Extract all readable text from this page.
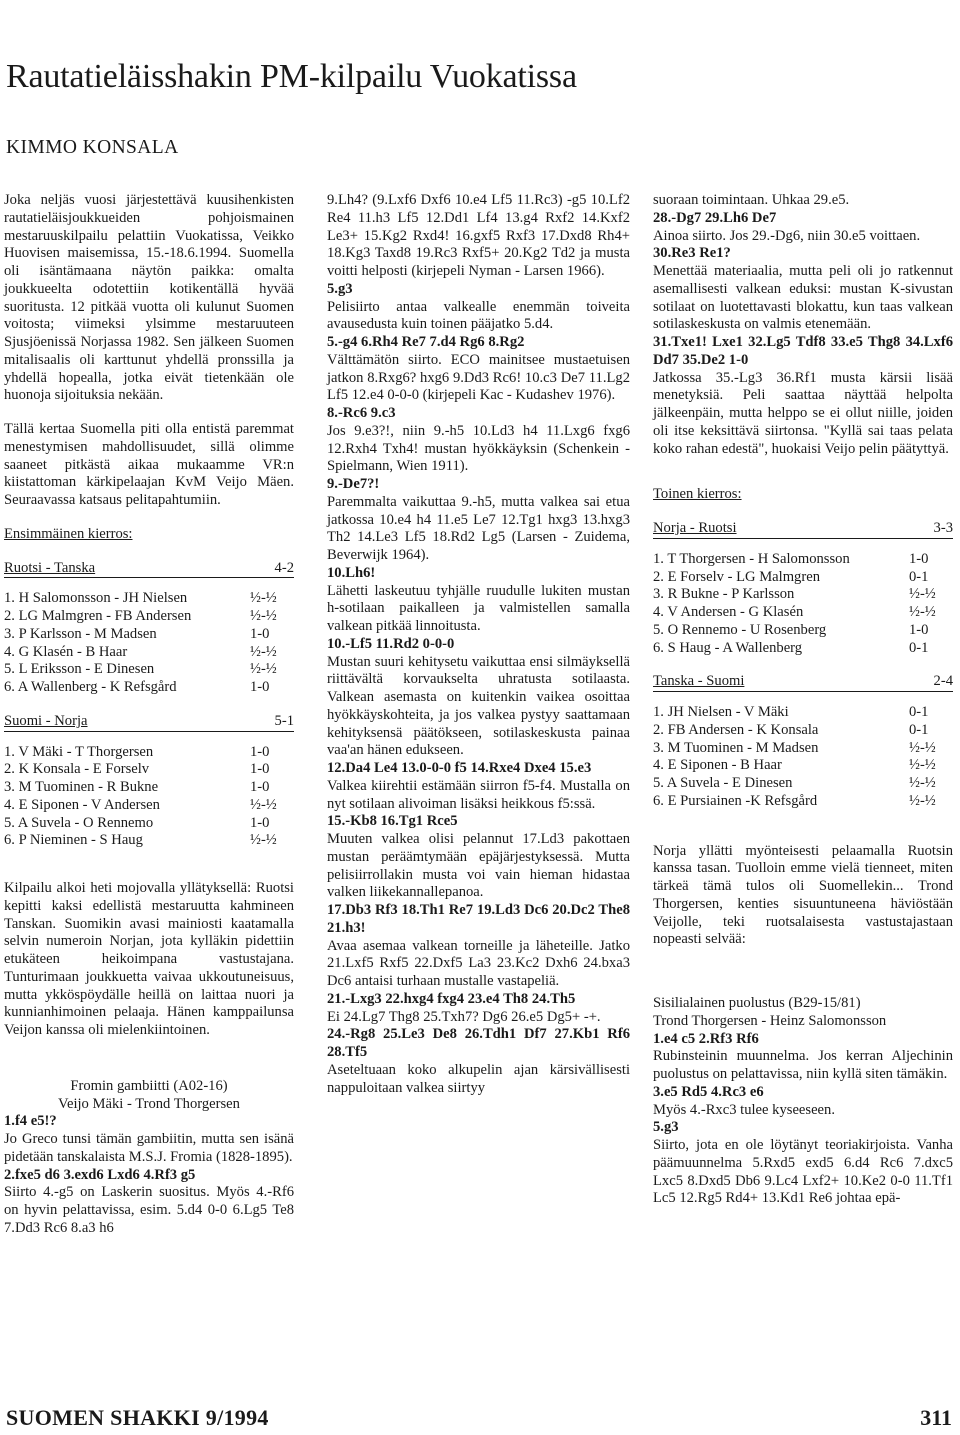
Rautatieläisshakin PM-kilpailu Vuokatissa
KIMMO KONSALA

Joka neljäs vuosi järjestettävä kuusihenkisten rautatieläisjoukkueiden pohjoismainen mestaruuskilpailu pelattiin Vuokatissa, Veikko Huovisen maisemissa, 15.-18.6.1994. Suomella oli isäntämaana näytön paikka: omalta joukkueelta odotettiin kotikentällä hyvää suoritusta. 12 pitkää vuotta oli kulunut Suomen voitosta; viimeksi ylsimme mestaruuteen Sjusjöenissä Norjassa 1982. Sen jälkeen Suomen mitalisaalis oli karttunut yhdellä pronssilla ja yhdellä hopealla, jotka eivät tietenkään ole huonoja sijoituksia nekään.

Tällä kertaa Suomella piti olla entistä paremmat menestymisen mahdollisuudet, sillä olimme saaneet pitkästä aikaa mukaamme VR:n kiistattoman kärkipelaajan KvM Veijo Mäen. Seuraavassa katsaus pelitapahtumiin.

Ensimmäinen kierros:

Ruotsi - Tanska	4-2
1. H Salomonsson - JH Nielsen	½-½
2. LG Malmgren - FB Andersen	½-½
3. P Karlsson - M Madsen	1-0
4. G Klasén - B Haar	½-½
5. L Eriksson - E Dinesen	½-½
6. A Wallenberg - K Refsgård	1-0
Suomi - Norja	5-1
1. V Mäki - T Thorgersen	1-0
2. K Konsala - E Forselv	1-0
3. M Tuominen - R Bukne	1-0
4. E Siponen - V Andersen	½-½
5. A Suvela - O Rennemo	1-0
6. P Nieminen - S Haug	½-½

Kilpailu alkoi heti mojovalla yllätyksellä: Ruotsi kepitti kaksi edellistä mestaruutta kahmineen Tanskan. Suomikin avasi mainiosti kaatamalla selvin numeroin Norjan, jota kylläkin pidettiin etukäteen heikoimpana vastustajana. Tunturimaan joukkuetta vaivaa ukkoutuneisuus, mutta ykköspöydälle heillä on laittaa nuori ja kunnianhimoinen pelaaja. Hänen kamppailunsa Veijon kanssa oli mielenkiintoinen.

Fromin gambiitti (A02-16)

Veijo Mäki - Trond Thorgersen

1.f4 e5!?

Jo Greco tunsi tämän gambiitin, mutta sen isänä pidetään tanskalaista M.S.J. Fromia (1828-1895).

2.fxe5 d6 3.exd6 Lxd6 4.Rf3 g5

Siirto 4.-g5 on Laskerin suositus. Myös 4.-Rf6 on hyvin pelattavissa, esim. 5.d4 0-0 6.Lg5 Te8 7.Dd3 Rc6 8.a3 h6

9.Lh4? (9.Lxf6 Dxf6 10.e4 Lf5 11.Rc3) -g5 10.Lf2 Re4 11.h3 Lf5 12.Dd1 Lf4 13.g4 Rxf2 14.Kxf2 Le3+ 15.Kg2 Rxd4! 16.gxf5 Rxf3 17.Dxd8 Rh4+ 18.Kg3 Taxd8 19.Rc3 Rxf5+ 20.Kg2 Td2 ja musta voitti helposti (kirjepeli Nyman - Larsen 1966).

5.g3

Pelisiirto antaa valkealle enemmän toiveita avausedusta kuin toinen pääjatko 5.d4.

5.-g4 6.Rh4 Re7 7.d4 Rg6 8.Rg2

Välttämätön siirto. ECO mainitsee mustaetuisen jatkon 8.Rxg6? hxg6 9.Dd3 Rc6! 10.c3 De7 11.Lg2 Lf5 12.e4 0-0-0 (kirjepeli Kac - Kudashev 1976).

8.-Rc6 9.c3

Jos 9.e3?!, niin 9.-h5 10.Ld3 h4 11.Lxg6 fxg6 12.Rxh4 Txh4! mustan hyökkäyksin (Schenkein - Spielmann, Wien 1911).

9.-De7?!

Paremmalta vaikuttaa 9.-h5, mutta valkea sai etua jatkossa 10.e4 h4 11.e5 Le7 12.Tg1 hxg3 13.hxg3 Th2 14.Le3 Lf5 18.Rd2 Lg5 (Larsen - Zuidema, Beverwijk 1964).

10.Lh6!

Lähetti laskeutuu tyhjälle ruudulle lukiten mustan h-sotilaan paikalleen ja valmistellen samalla valkean pitkää linnoitusta.

10.-Lf5 11.Rd2 0-0-0

Mustan suuri kehitysetu vaikuttaa ensi silmäyksellä riittävältä korvaukselta uhratusta sotilaasta. Valkean asemasta on kuitenkin vaikea osoittaa hyökkäyskohteita, ja jos valkea pystyy saattamaan kehityksensä päätökseen, sotilaskeskusta painaa vaa'an hänen edukseen.

12.Da4 Le4 13.0-0-0 f5 14.Rxe4 Dxe4 15.e3

Valkea kiirehtii estämään siirron f5-f4. Mustalla on nyt sotilaan alivoiman lisäksi heikkous f5:ssä.

15.-Kb8 16.Tg1 Rce5

Muuten valkea olisi pelannut 17.Ld3 pakottaen mustan peräämtymään epäjärjestyksessä. Mutta pelisiirrollakin musta voi vain hieman hidastaa valken liikekannallepanoa.

17.Db3 Rf3 18.Th1 Re7 19.Ld3 Dc6 20.Dc2 The8 21.h3!

Avaa asemaa valkean torneille ja läheteille. Jatko 21.Lxf5 Rxf5 22.Dxf5 La3 23.Kc2 Dxh6 24.bxa3 Dc6 antaisi turhaan mustalle vastapeliä.

21.-Lxg3 22.hxg4 fxg4 23.e4 Th8 24.Th5

Ei 24.Lg7 Thg8 25.Txh7? Dg6 26.e5 Dg5+ -+.

24.-Rg8 25.Le3 De8 26.Tdh1 Df7 27.Kb1 Rf6 28.Tf5

Aseteltuaan koko alkupelin ajan kärsivällisesti nappuloitaan valkea siirtyy

suoraan toimintaan. Uhkaa 29.e5.

28.-Dg7 29.Lh6 De7

Ainoa siirto. Jos 29.-Dg6, niin 30.e5 voittaen.

30.Re3 Re1?

Menettää materiaalia, mutta peli oli jo ratkennut asemallisesti valkean eduksi: mustan K-sivustan sotilaat on luotettavasti blokattu, kun taas valkean sotilaskeskusta on valmis etenemään.

31.Txe1! Lxe1 32.Lg5 Tdf8 33.e5 Thg8 34.Lxf6 Dd7 35.De2 1-0

Jatkossa 35.-Lg3 36.Rf1 musta kärsii lisää menetyksiä. Peli saattaa näyttää helpolta jälkeenpäin, mutta helppo se ei ollut niille, joiden oli itse keksittävä siirtonsa. "Kyllä sai taas pelata koko rahan edestä", huokaisi Veijo pelin päätyttyä.

Toinen kierros:

Norja - Ruotsi	3-3
1. T Thorgersen - H Salomonsson	1-0
2. E Forselv - LG Malmgren	0-1
3. R Bukne - P Karlsson	½-½
4. V Andersen - G Klasén	½-½
5. O Rennemo - U Rosenberg	1-0
6. S Haug - A Wallenberg	0-1
Tanska - Suomi	2-4
1. JH Nielsen - V Mäki	0-1
2. FB Andersen - K Konsala	0-1
3. M Tuominen - M Madsen	½-½
4. E Siponen - B Haar	½-½
5. A Suvela - E Dinesen	½-½
6. E Pursiainen -K Refsgård	½-½

Norja yllätti myönteisesti pelaamalla Ruotsin kanssa tasan. Tuolloin emme vielä tienneet, miten tärkeä tämä tulos oli Suomellekin... Trond Thorgersen, kenties sisuuntuneena häviöstään Veijolle, teki ruotsalaisesta vastustajastaan nopeasti selvää:

Sisilialainen puolustus (B29-15/81)

Trond Thorgersen - Heinz Salomonsson

1.e4 c5 2.Rf3 Rf6

Rubinsteinin muunnelma. Jos kerran Aljechinin puolustus on pelattavissa, niin kyllä siten tämäkin.

3.e5 Rd5 4.Rc3 e6

Myös 4.-Rxc3 tulee kyseeseen.

5.g3

Siirto, jota en ole löytänyt teoriakirjoista. Vanha päämuunnelma 5.Rxd5 exd5 6.d4 Rc6 7.dxc5 Lxc5 8.Dxd5 Db6 9.Lc4 Lxf2+ 10.Ke2 0-0 11.Tf1 Lc5 12.Rg5 Rd4+ 13.Kd1 Re6 johtaa epä-

SUOMEN SHAKKI 9/1994	311
